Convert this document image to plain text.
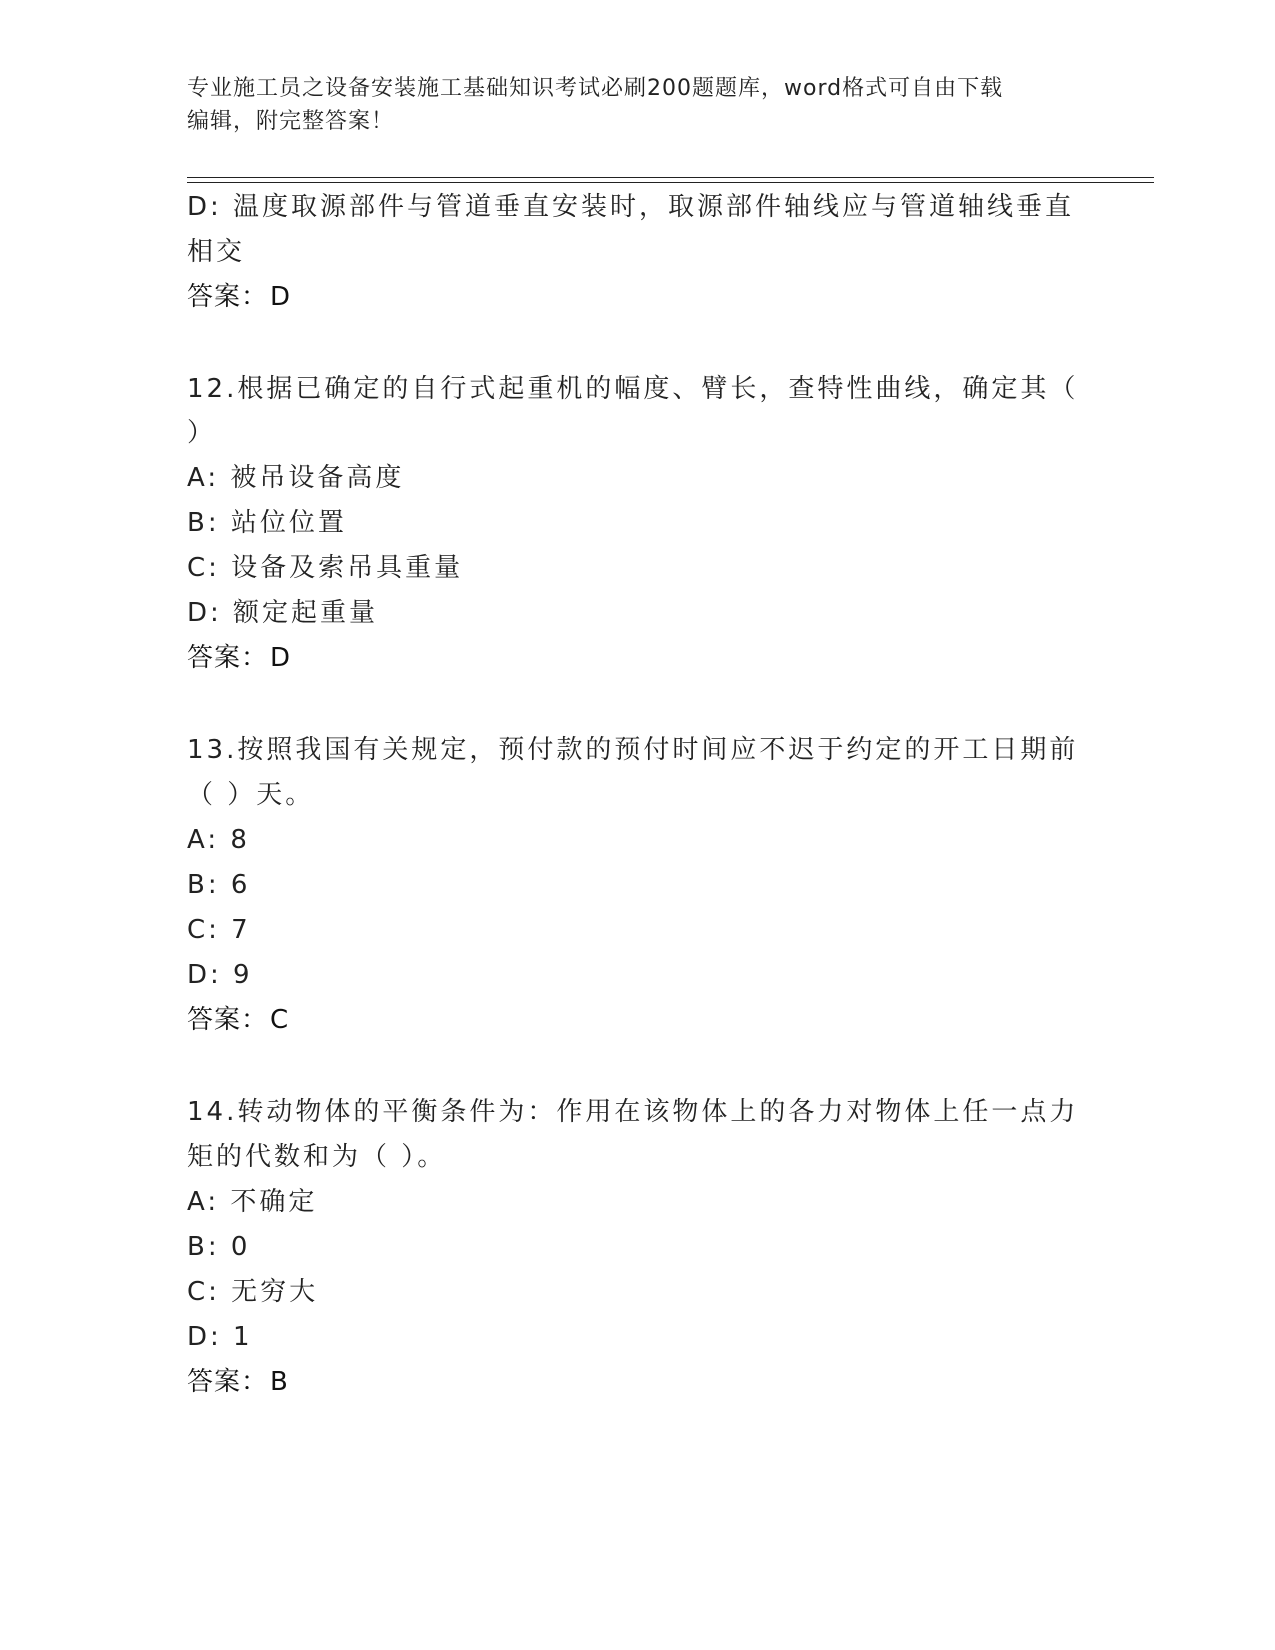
专业施工员之设备安装施工基础知识考试必刷200题题库，word格式可自由下载
编辑，附完整答案！
D: 温度取源部件与管道垂直安装时，取源部件轴线应与管道轴线垂直
相交
答案：D
12.根据已确定的自行式起重机的幅度、臂长，查特性曲线，确定其（
）
A: 被吊设备高度
B: 站位位置
C: 设备及索吊具重量
D: 额定起重量
答案：D
13.按照我国有关规定，预付款的预付时间应不迟于约定的开工日期前
（ ）天。
A: 8
B: 6
C: 7
D: 9
答案：C
14.转动物体的平衡条件为：作用在该物体上的各力对物体上任一点力
矩的代数和为（ ）。
A: 不确定
B: 0
C: 无穷大
D: 1
答案：B
